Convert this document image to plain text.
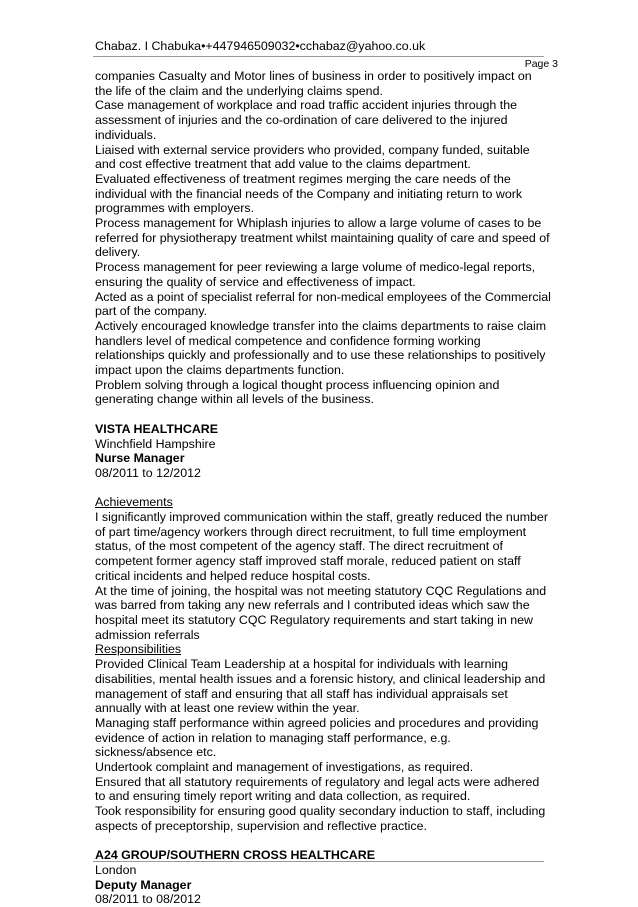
Chabaz. I Chabuka•+447946509032•cchabaz@yahoo.co.uk
Page 3

companies Casualty and Motor lines of business in order to positively impact on the life of the claim and the underlying claims spend.

Case management of workplace and road traffic accident injuries through the assessment of injuries and the co-ordination of care delivered to the injured individuals.

Liaised with external service providers who provided, company funded, suitable and cost effective treatment that add value to the claims department.

Evaluated effectiveness of treatment regimes merging the care needs of the individual with the financial needs of the Company and initiating return to work programmes with employers.

Process management for Whiplash injuries to allow a large volume of cases to be referred for physiotherapy treatment whilst maintaining quality of care and speed of delivery.

Process management for peer reviewing a large volume of medico-legal reports, ensuring the quality of service and effectiveness of impact.

Acted as a point of specialist referral for non-medical employees of the Commercial part of the company.

Actively encouraged knowledge transfer into the claims departments to raise claim handlers level of medical competence and confidence forming working relationships quickly and professionally and to use these relationships to positively impact upon the claims departments function.

Problem solving through a logical thought process influencing opinion and generating change within all levels of the business.

VISTA HEALTHCARE

Winchfield Hampshire

Nurse Manager

08/2011 to 12/2012

Achievements

I significantly improved communication within the staff, greatly reduced the number of part time/agency workers through direct recruitment, to full time employment status, of the most competent of the agency staff. The direct recruitment of competent former agency staff improved staff morale, reduced patient on staff critical incidents and helped reduce hospital costs.

At the time of joining, the hospital was not meeting statutory CQC Regulations and was barred from taking any new referrals and I contributed ideas which saw the hospital meet its statutory CQC Regulatory requirements and start taking in new admission referrals

Responsibilities

Provided Clinical Team Leadership at a hospital for individuals with learning disabilities, mental health issues and a forensic history, and clinical leadership and management of staff and ensuring that all staff has individual appraisals set annually with at least one review within the year.

Managing staff performance within agreed policies and procedures and providing evidence of action in relation to managing staff performance, e.g. sickness/absence etc.

Undertook complaint and management of investigations, as required.

Ensured that all statutory requirements of regulatory and legal acts were adhered to and ensuring timely report writing and data collection, as required.

Took responsibility for ensuring good quality secondary induction to staff, including aspects of preceptorship, supervision and reflective practice.

A24 GROUP/SOUTHERN CROSS HEALTHCARE

London

Deputy Manager

08/2011 to 08/2012
